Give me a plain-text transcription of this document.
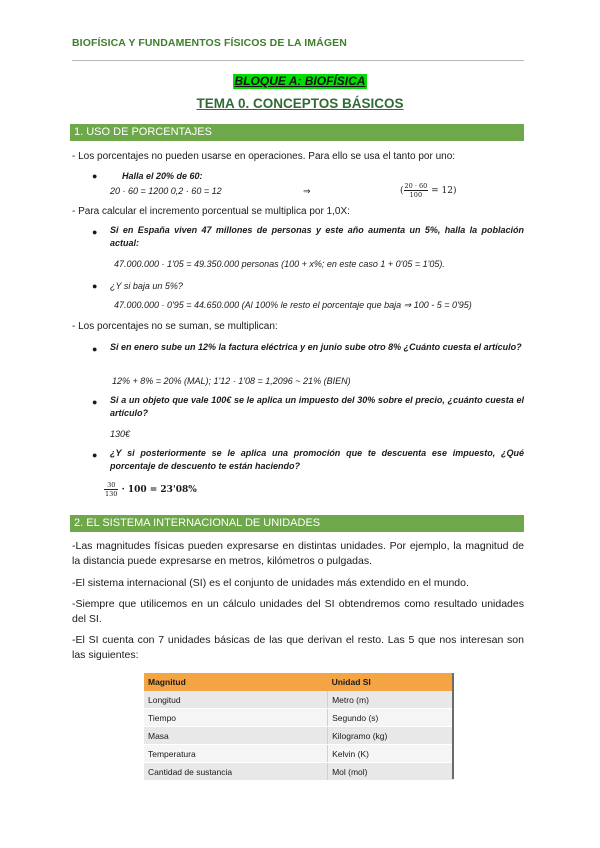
BIOFÍSICA Y FUNDAMENTOS FÍSICOS DE LA IMÁGEN
BLOQUE A: BIOFÍSICA
TEMA 0. CONCEPTOS BÁSICOS
1. USO DE PORCENTAJES
- Los porcentajes no pueden usarse en operaciones. Para ello se usa el tanto por uno:
●	Halla el 20% de 60:
20 · 60 = 1200 0,2 · 60 = 12	⇒	( $\frac{20 \cdot 60}{100} = 12$)
- Para calcular el incremento porcentual se multiplica por 1,0X:
● Si en España viven 47 millones de personas y este año aumenta un 5%, halla la población actual:
47.000.000 · 1'05 = 49.350.000 personas (100 + x%; en este caso 1 + 0'05 = 1'05).
● ¿Y si baja un 5%?
47.000.000 · 0'95 = 44.650.000 (Al 100% le resto el porcentaje que baja ⇒ 100 - 5 = 0'95)
- Los porcentajes no se suman, se multiplican:
● Si en enero sube un 12% la factura eléctrica y en junio sube otro 8% ¿Cuánto cuesta el artículo?
12% + 8% = 20% (MAL); 1'12 · 1'08 = 1,2096 ~ 21% (BIEN)
● Si a un objeto que vale 100€ se le aplica un impuesto del 30% sobre el precio, ¿cuánto cuesta el artículo?
130€
● ¿Y si posteriormente se le aplica una promoción que te descuenta ese impuesto, ¿Qué porcentaje de descuento te están haciendo?
$\frac{30}{130} \cdot 100 = 23'08\%$
2. EL SISTEMA INTERNACIONAL DE UNIDADES
-Las magnitudes físicas pueden expresarse en distintas unidades. Por ejemplo, la magnitud de la distancia puede expresarse en metros, kilómetros o pulgadas.
-El sistema internacional (SI) es el conjunto de unidades más extendido en el mundo.
-Siempre que utilicemos en un cálculo unidades del SI obtendremos como resultado unidades del SI.
-El SI cuenta con 7 unidades básicas de las que derivan el resto. Las 5 que nos interesan son las siguientes:
Magnitud	Unidad SI
Longitud	Metro (m)
Tiempo	Segundo (s)
Masa	Kilogramo (kg)
Temperatura	Kelvin (K)
Cantidad de sustancia	Mol (mol)
